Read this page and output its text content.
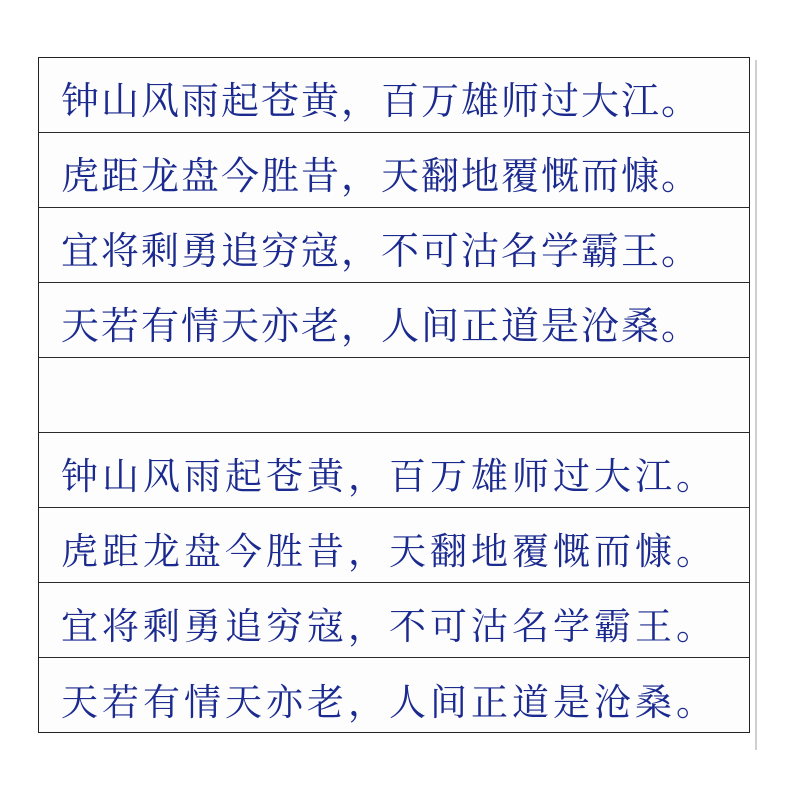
钟山风雨起苍黄，百万雄师过大江。
虎距龙盘今胜昔，天翻地覆慨而慷。
宜将剩勇追穷寇，不可沽名学霸王。
天若有情天亦老，人间正道是沧桑。
钟山风雨起苍黄，百万雄师过大江。
虎距龙盘今胜昔，天翻地覆慨而慷。
宜将剩勇追穷寇，不可沽名学霸王。
天若有情天亦老，人间正道是沧桑。
